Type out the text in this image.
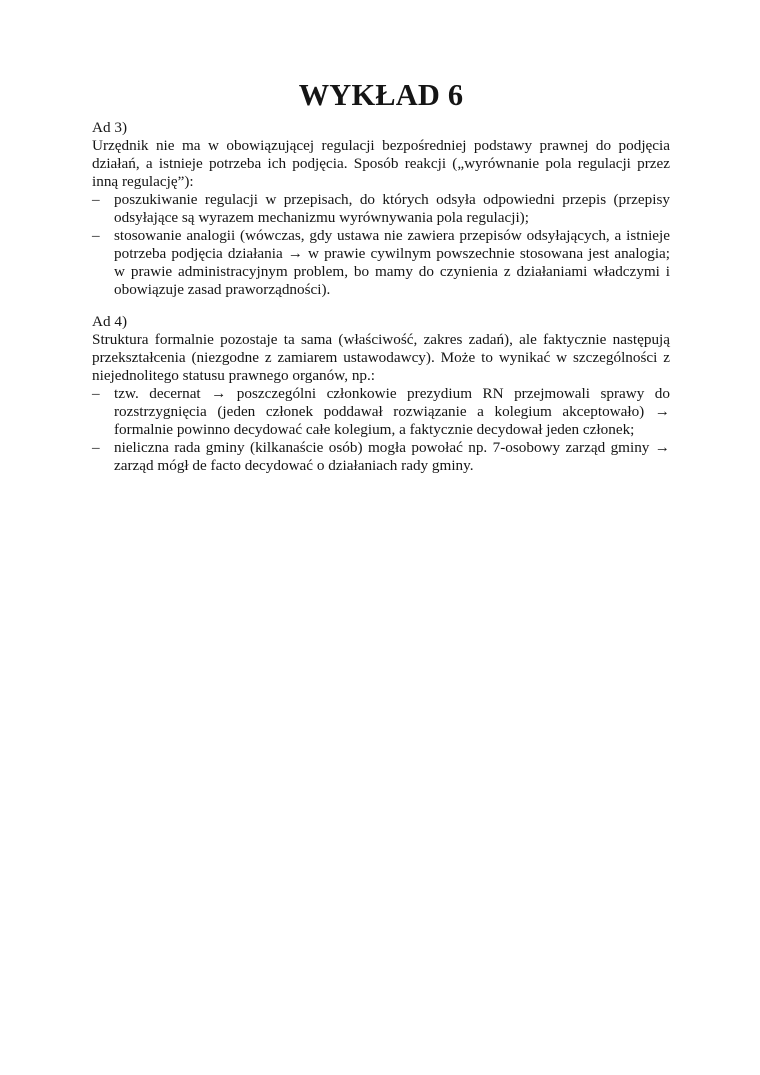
WYKŁAD 6
Ad 3)

Urzędnik nie ma w obowiązującej regulacji bezpośredniej podstawy prawnej do podjęcia działań, a istnieje potrzeba ich podjęcia. Sposób reakcji („wyrównanie pola regulacji przez inną regulację”):

– poszukiwanie regulacji w przepisach, do których odsyła odpowiedni przepis (przepisy odsyłające są wyrazem mechanizmu wyrównywania pola regulacji);
– stosowanie analogii (wówczas, gdy ustawa nie zawiera przepisów odsyłających, a istnieje potrzeba podjęcia działania → w prawie cywilnym powszechnie stosowana jest analogia; w prawie administracyjnym problem, bo mamy do czynienia z działaniami władczymi i obowiązuje zasad praworządności).
Ad 4)

Struktura formalnie pozostaje ta sama (właściwość, zakres zadań), ale faktycznie następują przekształcenia (niezgodne z zamiarem ustawodawcy). Może to wynikać w szczególności z niejednolitego statusu prawnego organów, np.:

– tzw. decernat → poszczególni członkowie prezydium RN przejmowali sprawy do rozstrzygnięcia (jeden członek poddawał rozwiązanie a kolegium akceptowało) → formalnie powinno decydować całe kolegium, a faktycznie decydował jeden członek;
– nieliczna rada gminy (kilkanaście osób) mogła powołać np. 7-osobowy zarząd gminy → zarząd mógł de facto decydować o działaniach rady gminy.
